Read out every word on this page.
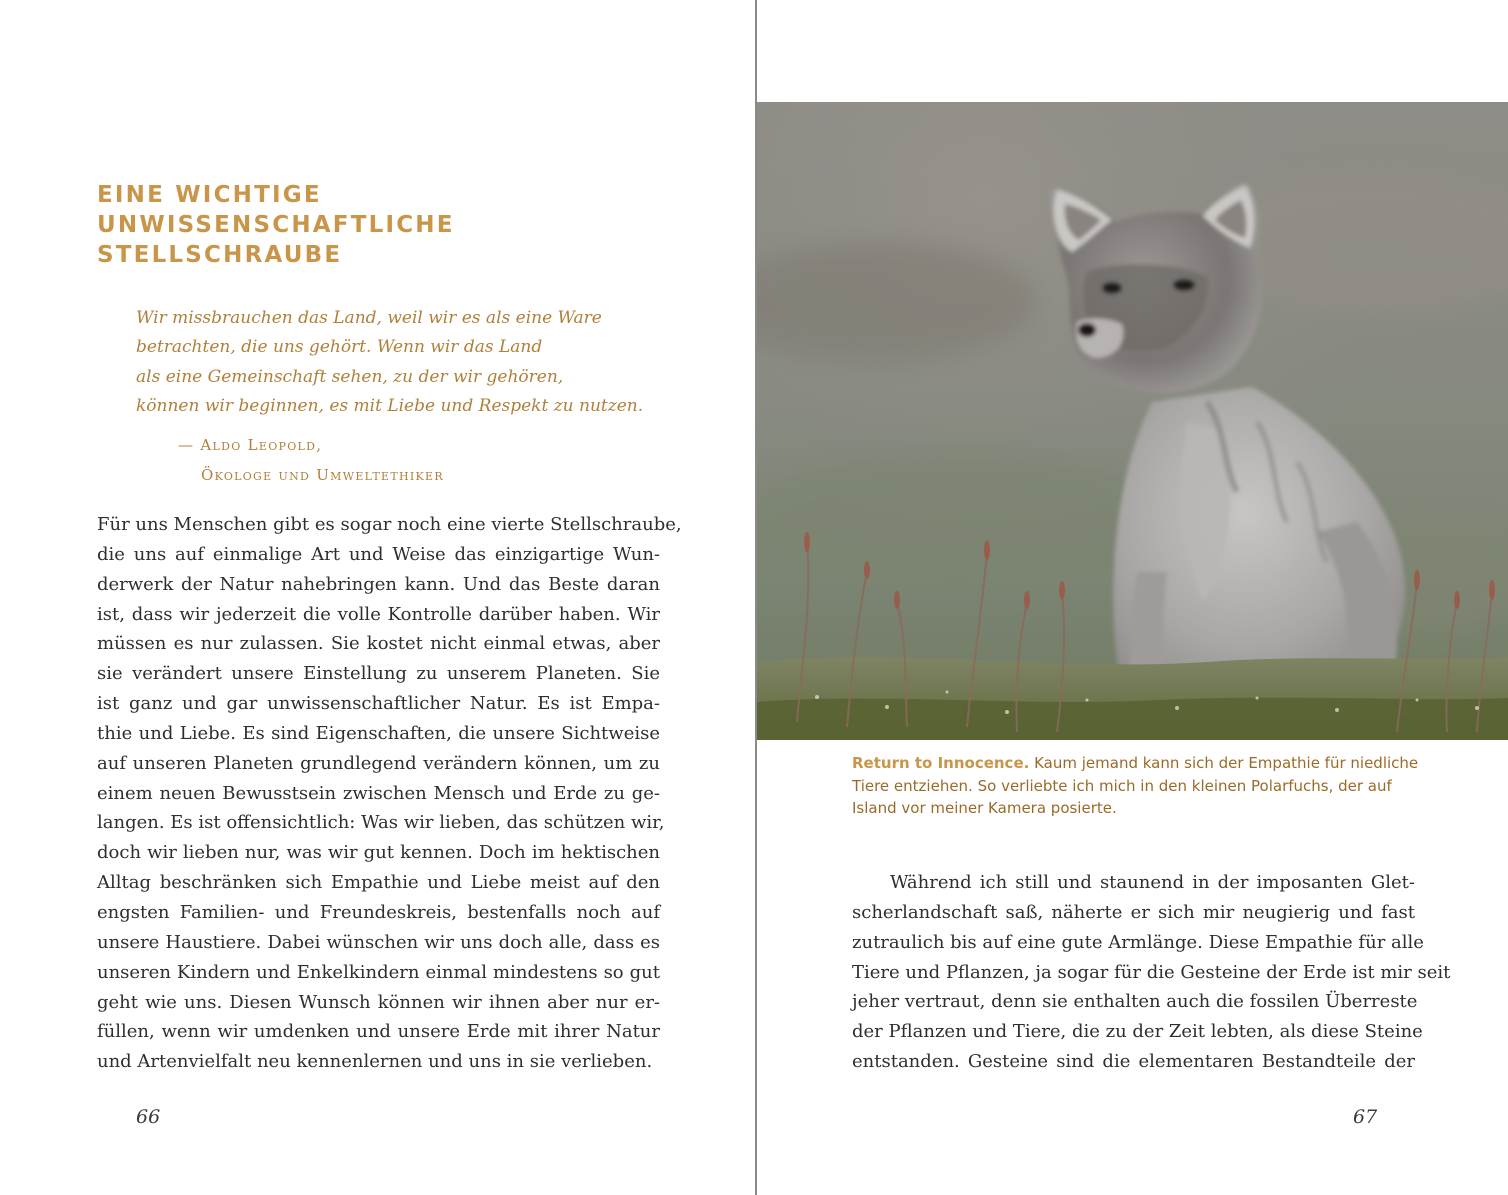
EINE WICHTIGE
UNWISSENSCHAFTLICHE
STELLSCHRAUBE
Wir missbrauchen das Land, weil wir es als eine Ware
betrachten, die uns gehört. Wenn wir das Land
als eine Gemeinschaft sehen, zu der wir gehören,
können wir beginnen, es mit Liebe und Respekt zu nutzen.
— Aldo Leopold,
Ökologe und Umweltethiker
Für uns Menschen gibt es sogar noch eine vierte Stellschraube,
die uns auf einmalige Art und Weise das einzigartige Wun-
derwerk der Natur nahebringen kann. Und das Beste daran
ist, dass wir jederzeit die volle Kontrolle darüber haben. Wir
müssen es nur zulassen. Sie kostet nicht einmal etwas, aber
sie verändert unsere Einstellung zu unserem Planeten. Sie
ist ganz und gar unwissenschaftlicher Natur. Es ist Empa-
thie und Liebe. Es sind Eigenschaften, die unsere Sichtweise
auf unseren Planeten grundlegend verändern können, um zu
einem neuen Bewusstsein zwischen Mensch und Erde zu ge-
langen. Es ist offensichtlich: Was wir lieben, das schützen wir,
doch wir lieben nur, was wir gut kennen. Doch im hektischen
Alltag beschränken sich Empathie und Liebe meist auf den
engsten Familien- und Freundeskreis, bestenfalls noch auf
unsere Haustiere. Dabei wünschen wir uns doch alle, dass es
unseren Kindern und Enkelkindern einmal mindestens so gut
geht wie uns. Diesen Wunsch können wir ihnen aber nur er-
füllen, wenn wir umdenken und unsere Erde mit ihrer Natur
und Artenvielfalt neu kennenlernen und uns in sie verlieben.
66
Return to Innocence. Kaum jemand kann sich der Empathie für niedliche
Tiere entziehen. So verliebte ich mich in den kleinen Polarfuchs, der auf
Island vor meiner Kamera posierte.
Während ich still und staunend in der imposanten Glet-
scherlandschaft saß, näherte er sich mir neugierig und fast
zutraulich bis auf eine gute Armlänge. Diese Empathie für alle
Tiere und Pflanzen, ja sogar für die Gesteine der Erde ist mir seit
jeher vertraut, denn sie enthalten auch die fossilen Überreste
der Pflanzen und Tiere, die zu der Zeit lebten, als diese Steine
entstanden. Gesteine sind die elementaren Bestandteile der
67
